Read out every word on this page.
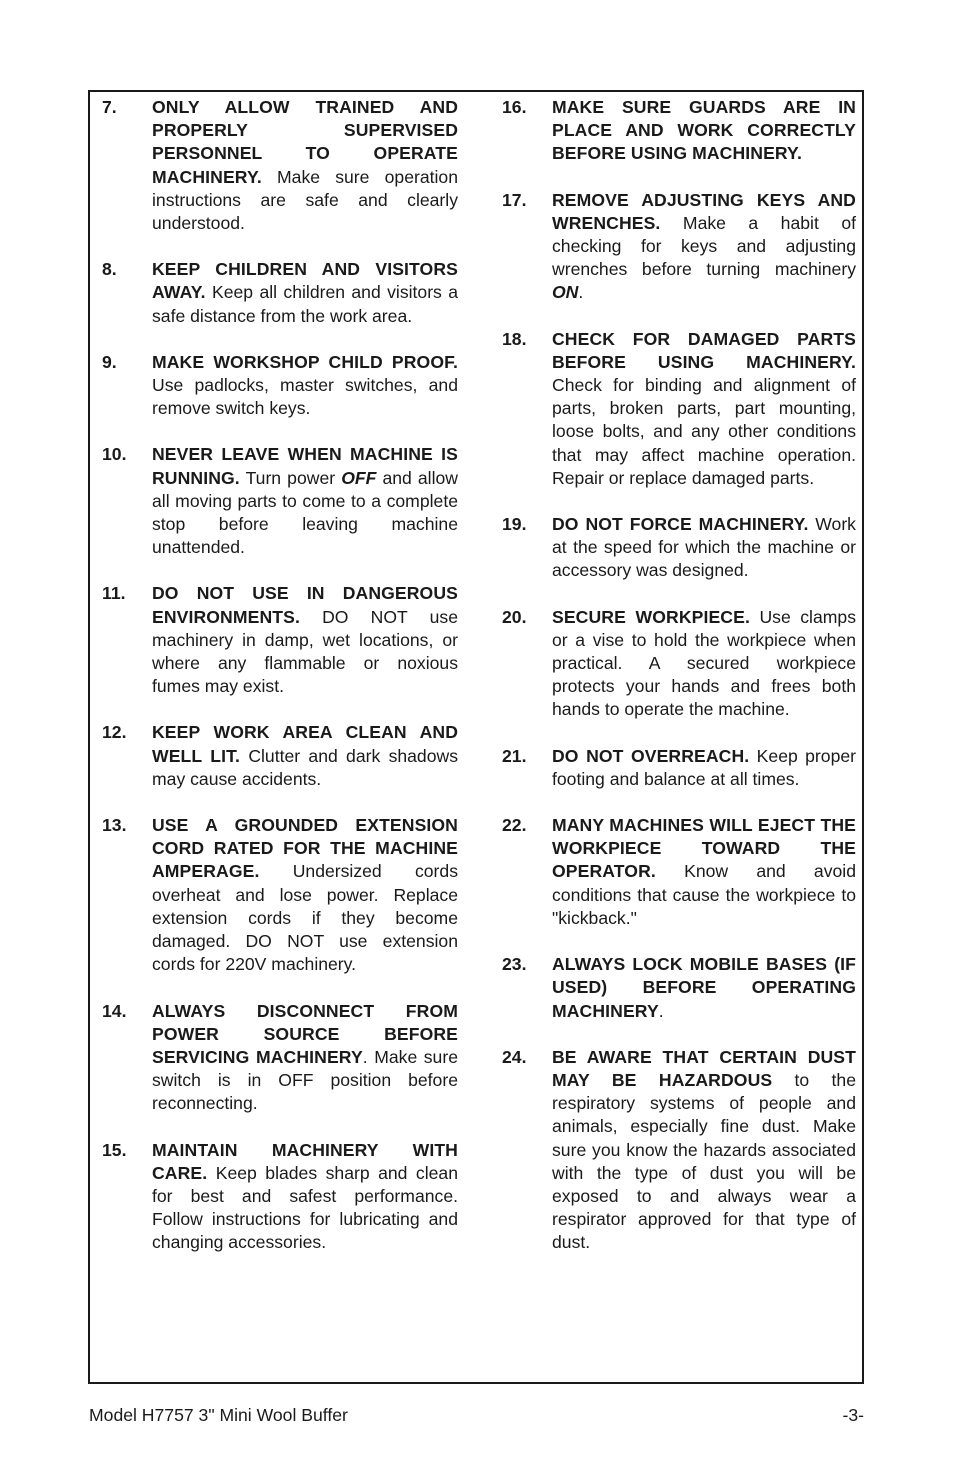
7. ONLY ALLOW TRAINED AND PROPERLY SUPERVISED PERSONNEL TO OPERATE MACHINERY. Make sure operation instructions are safe and clearly understood.
8. KEEP CHILDREN AND VISITORS AWAY. Keep all children and visitors a safe distance from the work area.
9. MAKE WORKSHOP CHILD PROOF. Use padlocks, master switches, and remove switch keys.
10. NEVER LEAVE WHEN MACHINE IS RUNNING. Turn power OFF and allow all moving parts to come to a complete stop before leaving machine unattended.
11. DO NOT USE IN DANGEROUS ENVIRONMENTS. DO NOT use machinery in damp, wet locations, or where any flammable or noxious fumes may exist.
12. KEEP WORK AREA CLEAN AND WELL LIT. Clutter and dark shadows may cause accidents.
13. USE A GROUNDED EXTENSION CORD RATED FOR THE MACHINE AMPERAGE. Undersized cords overheat and lose power. Replace extension cords if they become damaged. DO NOT use extension cords for 220V machinery.
14. ALWAYS DISCONNECT FROM POWER SOURCE BEFORE SERVICING MACHINERY. Make sure switch is in OFF position before reconnecting.
15. MAINTAIN MACHINERY WITH CARE. Keep blades sharp and clean for best and safest performance. Follow instructions for lubricating and changing accessories.
16. MAKE SURE GUARDS ARE IN PLACE AND WORK CORRECTLY BEFORE USING MACHINERY.
17. REMOVE ADJUSTING KEYS AND WRENCHES. Make a habit of checking for keys and adjusting wrenches before turning machinery ON.
18. CHECK FOR DAMAGED PARTS BEFORE USING MACHINERY. Check for binding and alignment of parts, broken parts, part mounting, loose bolts, and any other conditions that may affect machine operation. Repair or replace damaged parts.
19. DO NOT FORCE MACHINERY. Work at the speed for which the machine or accessory was designed.
20. SECURE WORKPIECE. Use clamps or a vise to hold the workpiece when practical. A secured workpiece protects your hands and frees both hands to operate the machine.
21. DO NOT OVERREACH. Keep proper footing and balance at all times.
22. MANY MACHINES WILL EJECT THE WORKPIECE TOWARD THE OPERATOR. Know and avoid conditions that cause the workpiece to "kickback."
23. ALWAYS LOCK MOBILE BASES (IF USED) BEFORE OPERATING MACHINERY.
24. BE AWARE THAT CERTAIN DUST MAY BE HAZARDOUS to the respiratory systems of people and animals, especially fine dust. Make sure you know the hazards associated with the type of dust you will be exposed to and always wear a respirator approved for that type of dust.
Model H7757 3" Mini Wool Buffer	-3-
